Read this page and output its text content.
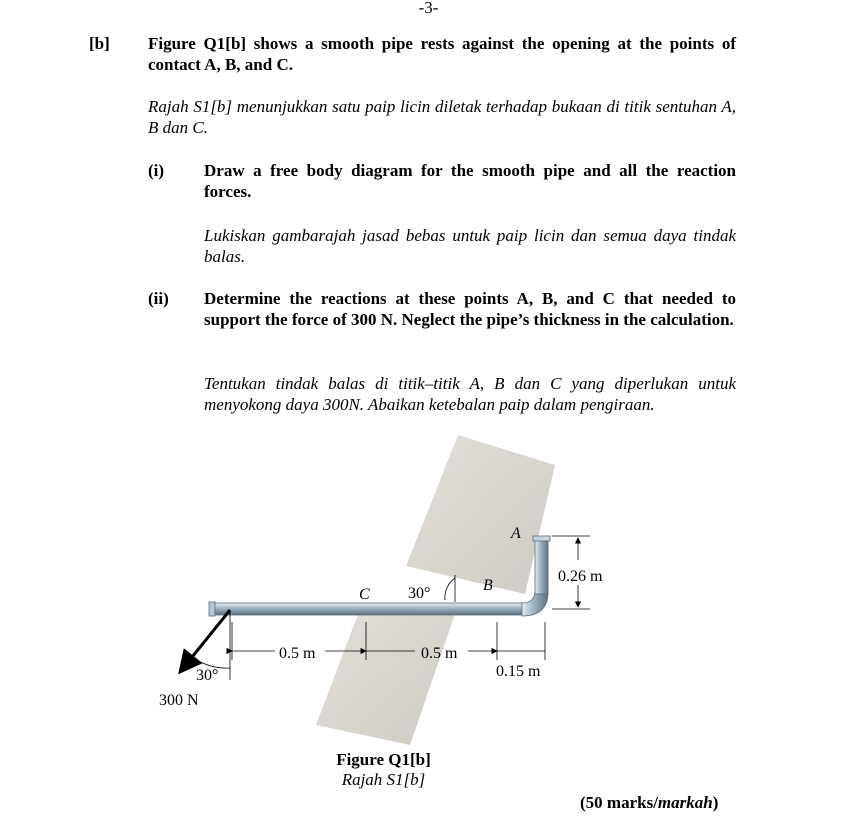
-3-
[b] Figure Q1[b] shows a smooth pipe rests against the opening at the points of contact A, B, and C.
Rajah S1[b] menunjukkan satu paip licin diletak terhadap bukaan di titik sentuhan A, B dan C.
(i) Draw a free body diagram for the smooth pipe and all the reaction forces.
Lukiskan gambarajah jasad bebas untuk paip licin dan semua daya tindak balas.
(ii) Determine the reactions at these points A, B, and C that needed to support the force of 300 N. Neglect the pipe’s thickness in the calculation.
Tentukan tindak balas di titik–titik A, B dan C yang diperlukan untuk menyokong daya 300N. Abaikan ketebalan paip dalam pengiraan.
A
B
C 30°
30°
300 N
0.5 m	0.5 m
0.15 m
0.26 m
Figure Q1[b]
Rajah S1[b]
(50 marks/markah)
